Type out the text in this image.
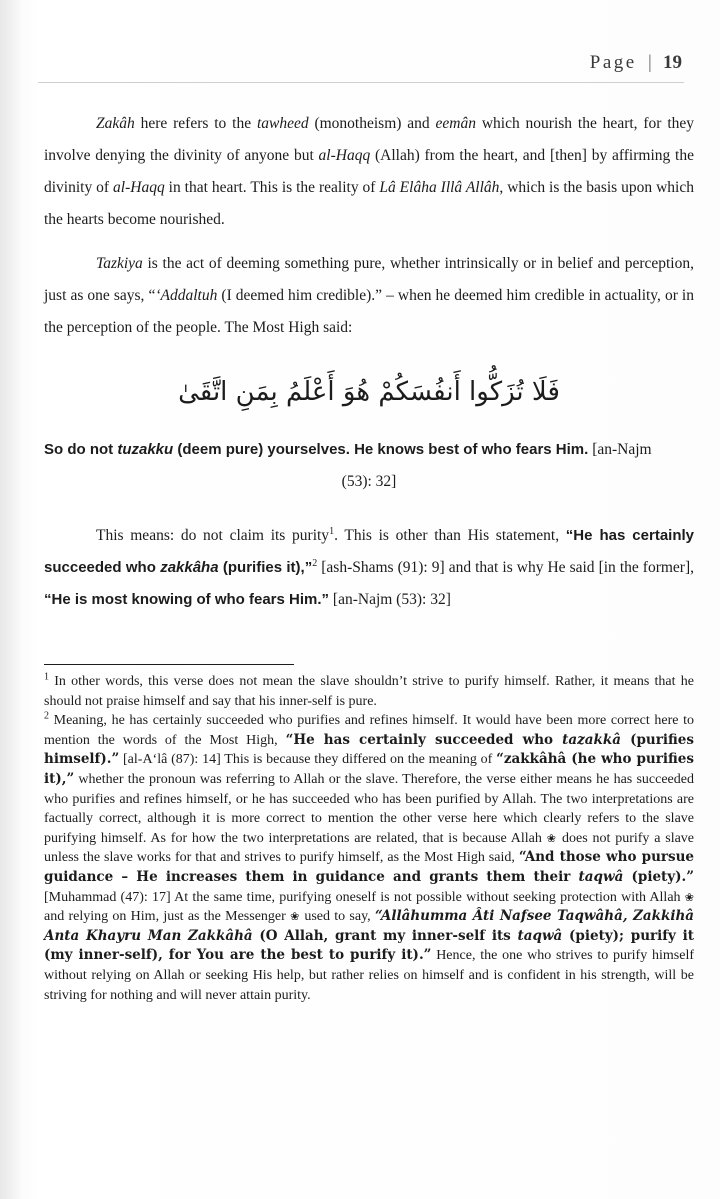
Page | 19

Zakâh here refers to the tawheed (monotheism) and eemân which nourish the heart, for they involve denying the divinity of anyone but al-Haqq (Allah) from the heart, and [then] by affirming the divinity of al-Haqq in that heart. This is the reality of Lâ Elâha Illâ Allâh, which is the basis upon which the hearts become nourished.

Tazkiya is the act of deeming something pure, whether intrinsically or in belief and perception, just as one says, “‘Addaltuh (I deemed him credible).” – when he deemed him credible in actuality, or in the perception of the people. The Most High said:

فَلَا تُزَكُّوا أَنفُسَكُمْ هُوَ أَعْلَمُ بِمَنِ اتَّقَىٰ

So do not tuzakku (deem pure) yourselves. He knows best of who fears Him. [an-Najm

(53): 32]

This means: do not claim its purity$^1$. This is other than His statement, “He has certainly succeeded who zakkâha (purifies it),”$^2$ [ash-Shams (91): 9] and that is why He said [in the former], “He is most knowing of who fears Him.” [an-Najm (53): 32]

$^1$ In other words, this verse does not mean the slave shouldn’t strive to purify himself. Rather, it means that he should not praise himself and say that his inner-self is pure.

$^2$ Meaning, he has certainly succeeded who purifies and refines himself. It would have been more correct here to mention the words of the Most High, “He has certainly succeeded who tazakkâ (purifies himself).” [al-A‘lâ (87): 14] This is because they differed on the meaning of “zakkâhâ (he who purifies it),” whether the pronoun was referring to Allah or the slave. Therefore, the verse either means he has succeeded who purifies and refines himself, or he has succeeded who has been purified by Allah. The two interpretations are factually correct, although it is more correct to mention the other verse here which clearly refers to the slave purifying himself. As for how the two interpretations are related, that is because Allah ❀ does not purify a slave unless the slave works for that and strives to purify himself, as the Most High said, “And those who pursue guidance – He increases them in guidance and grants them their taqwâ (piety).” [Muhammad (47): 17] At the same time, purifying oneself is not possible without seeking protection with Allah ❀ and relying on Him, just as the Messenger ❀ used to say, “Allâhumma Âti Nafsee Taqwâhâ, Zakkihâ Anta Khayru Man Zakkâhâ (O Allah, grant my inner-self its taqwâ (piety); purify it (my inner-self), for You are the best to purify it).” Hence, the one who strives to purify himself without relying on Allah or seeking His help, but rather relies on himself and is confident in his strength, will be striving for nothing and will never attain purity.
